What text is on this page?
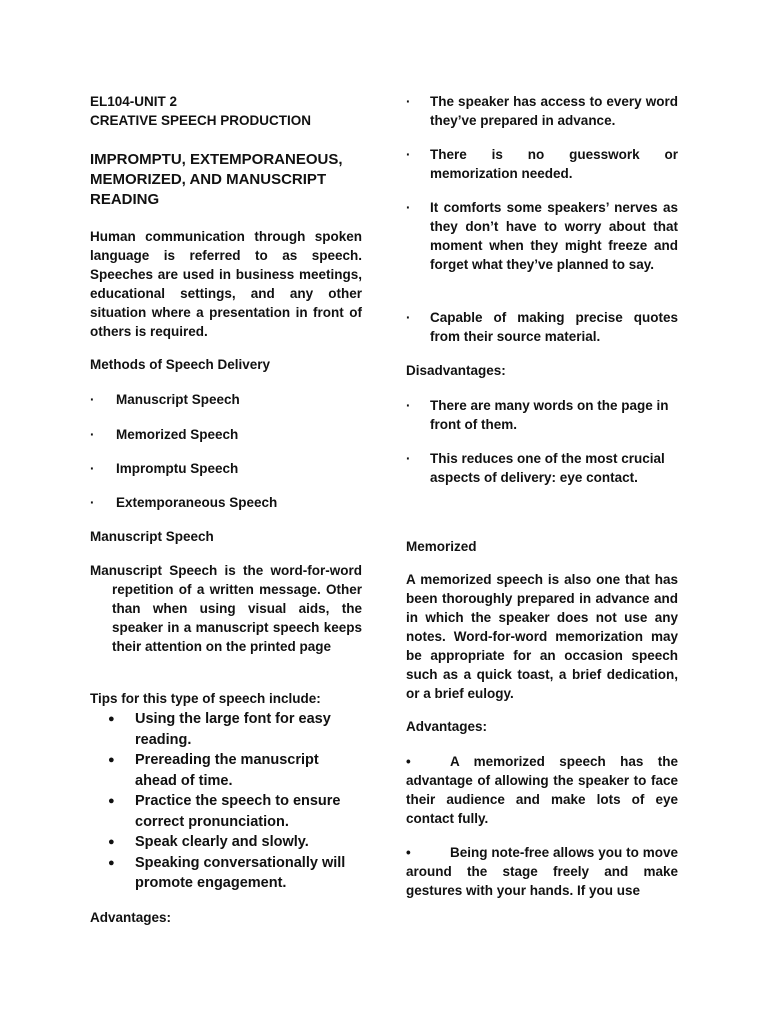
EL104-UNIT 2
CREATIVE SPEECH PRODUCTION
IMPROMPTU, EXTEMPORANEOUS, MEMORIZED, AND MANUSCRIPT READING
Human communication through spoken language is referred to as speech. Speeches are used in business meetings, educational settings, and any other situation where a presentation in front of others is required.
Methods of Speech Delivery
·	Manuscript Speech
·	Memorized Speech
·	Impromptu Speech
·	Extemporaneous Speech
Manuscript Speech
Manuscript Speech is the word-for-word repetition of a written message. Other than when using visual aids, the speaker in a manuscript speech keeps their attention on the printed page
Tips for this type of speech include:
●	Using the large font for easy reading.
●	Prereading the manuscript ahead of time.
●	Practice the speech to ensure correct pronunciation.
●	Speak clearly and slowly.
●	Speaking conversationally will promote engagement.
Advantages:
·	The speaker has access to every word they’ve prepared in advance.
·	There is no guesswork or memorization needed.
·	It comforts some speakers’ nerves as they don’t have to worry about that moment when they might freeze and forget what they’ve planned to say.
·	Capable of making precise quotes from their source material.
Disadvantages:
·	There are many words on the page in front of them.
·	This reduces one of the most crucial aspects of delivery: eye contact.
Memorized
A memorized speech is also one that has been thoroughly prepared in advance and in which the speaker does not use any notes. Word-for-word memorization may be appropriate for an occasion speech such as a quick toast, a brief dedication, or a brief eulogy.
Advantages:
•	A memorized speech has the advantage of allowing the speaker to face their audience and make lots of eye contact fully.
•	Being note-free allows you to move around the stage freely and make gestures with your hands. If you use
